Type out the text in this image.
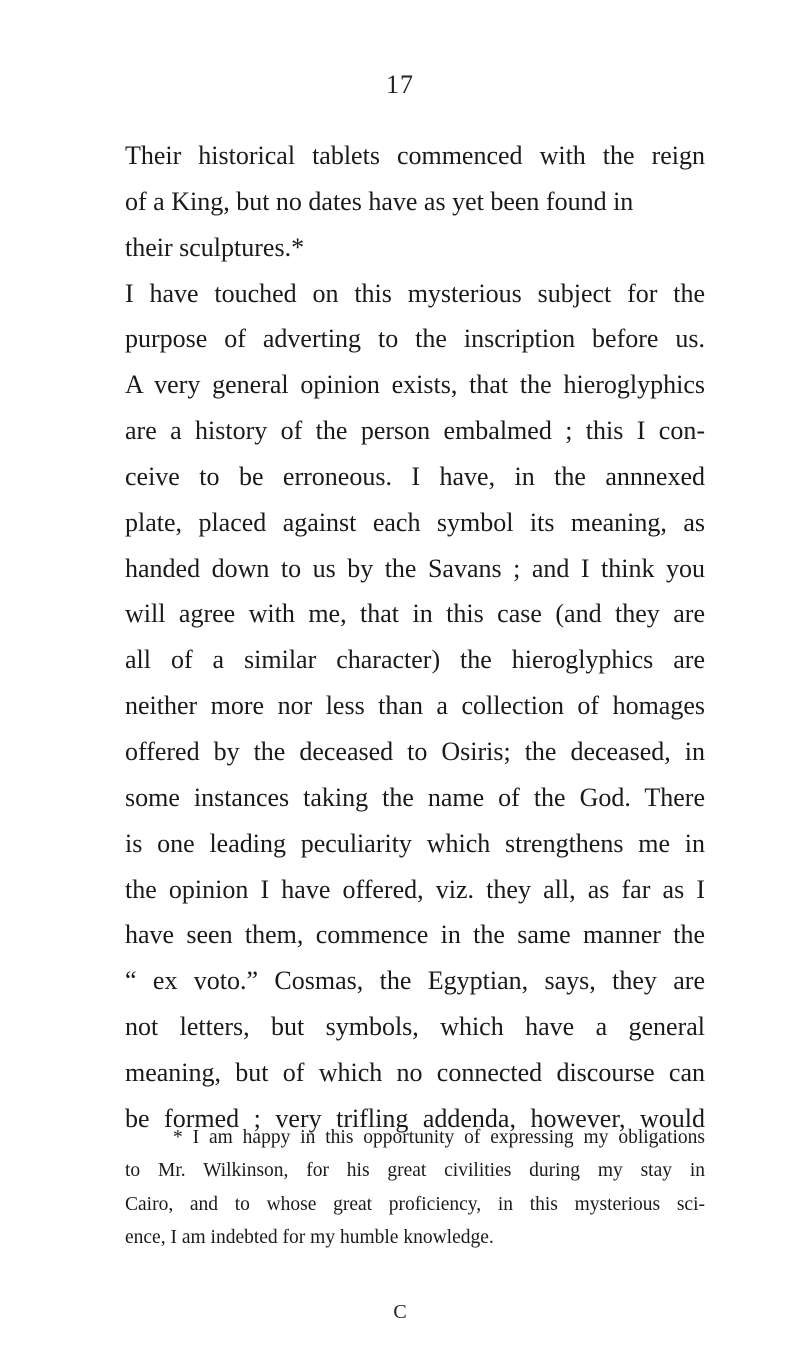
17
Their historical tablets commenced with the reign
of a King, but no dates have as yet been found in
their sculptures.*
I have touched on this mysterious subject for the
purpose of adverting to the inscription before us.
A very general opinion exists, that the hieroglyphics
are a history of the person embalmed ; this I con-
ceive to be erroneous. I have, in the annnexed
plate, placed against each symbol its meaning, as
handed down to us by the Savans ; and I think you
will agree with me, that in this case (and they are
all of a similar character) the hieroglyphics are
neither more nor less than a collection of homages
offered by the deceased to Osiris; the deceased, in
some instances taking the name of the God. There
is one leading peculiarity which strengthens me in
the opinion I have offered, viz. they all, as far as I
have seen them, commence in the same manner the
“ ex voto.” Cosmas, the Egyptian, says, they are
not letters, but symbols, which have a general
meaning, but of which no connected discourse can
be formed ; very trifling addenda, however, would
* I am happy in this opportunity of expressing my obligations
to Mr. Wilkinson, for his great civilities during my stay in
Cairo, and to whose great proficiency, in this mysterious sci-
ence, I am indebted for my humble knowledge.
C
